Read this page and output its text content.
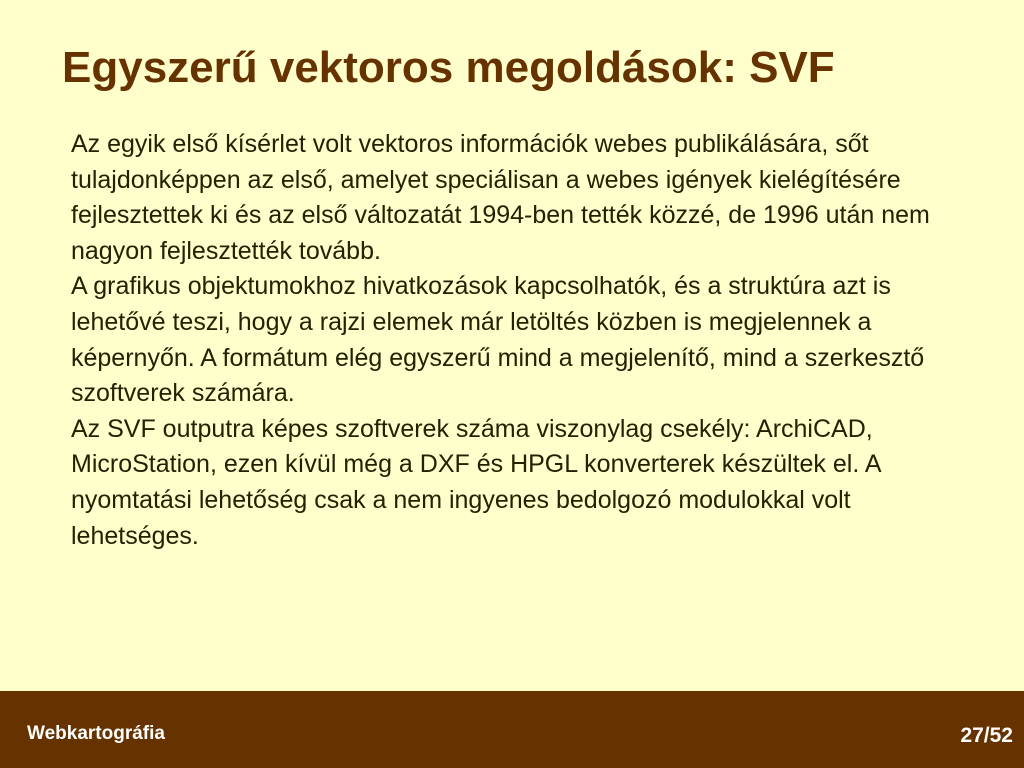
Egyszerű vektoros megoldások: SVF

Az egyik első kísérlet volt vektoros információk webes publikálására, sőt tulajdonképpen az első, amelyet speciálisan a webes igények kielégítésére fejlesztettek ki és az első változatát 1994-ben tették közzé, de 1996 után nem nagyon fejlesztették tovább.

A grafikus objektumokhoz hivatkozások kapcsolhatók, és a struktúra azt is lehetővé teszi, hogy a rajzi elemek már letöltés közben is megjelennek a képernyőn. A formátum elég egyszerű mind a megjelenítő, mind a szerkesztő szoftverek számára.

Az SVF outputra képes szoftverek száma viszonylag csekély: ArchiCAD, MicroStation, ezen kívül még a DXF és HPGL konverterek készültek el. A nyomtatási lehetőség csak a nem ingyenes bedolgozó modulokkal volt lehetséges.

Webkartográfia	27/52
